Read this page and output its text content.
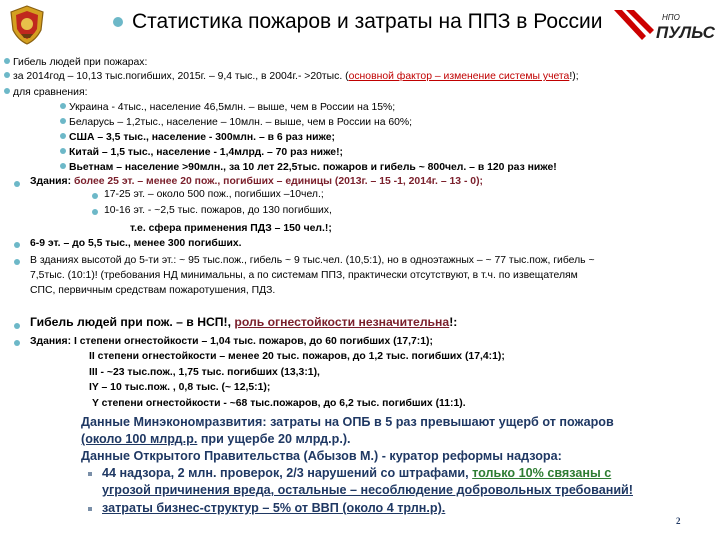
Статистика пожаров и затраты на ППЗ в России	НПО
ПУЛЬС
Гибель людей при пожарах:
за 2014год – 10,13 тыс.погибших, 2015г. – 9,4 тыс., в 2004г.- >20тыс. (основной фактор – изменение системы учета!);
для сравнения:
Украина - 4тыс., население 46,5млн. – выше, чем в России на 15%;
Беларусь – 1,2тыс., население – 10млн. – выше, чем в России на 60%;
США – 3,5 тыс., население - 300млн. – в 6 раз ниже;
Китай – 1,5 тыс., население - 1,4млрд. – 70 раз ниже!;
Вьетнам – население >90млн., за 10 лет 22,5тыс. пожаров и гибель ~ 800чел. – в 120 раз ниже!
Здания: более 25 эт. – менее 20 пож., погибших – единицы (2013г. – 15 -1, 2014г. – 13 - 0);
17-25 эт. – около 500 пож., погибших –10чел.;
10-16 эт. - ~2,5 тыс. пожаров, до 130 погибших,
т.е. сфера применения ПДЗ – 150 чел.!;
6-9 эт. – до 5,5 тыс., менее 300 погибших.
В зданиях высотой до 5-ти эт.: ~ 95 тыс.пож., гибель ~ 9 тыс.чел. (10,5:1), но в одноэтажных – ~ 77 тыс.пож, гибель ~
7,5тыс. (10:1)! (требования НД минимальны, а по системам ППЗ, практически отсутствуют, в т.ч. по извещателям
СПС, первичным средствам пожаротушения, ПДЗ.
Гибель людей при пож. – в НСП!, роль огнестойкости незначительна!:
Здания: I степени огнестойкости – 1,04 тыс. пожаров, до 60 погибших (17,7:1);
II степени огнестойкости – менее 20 тыс. пожаров, до 1,2 тыс. погибших (17,4:1);
III - ~23 тыс.пож., 1,75 тыс. погибших (13,3:1),
IY – 10 тыс.пож. , 0,8 тыс. (~ 12,5:1);
Y степени огнестойкости - ~68 тыс.пожаров, до 6,2 тыс. погибших (11:1).
Данные Минэкономразвития: затраты на ОПБ в 5 раз превышают ущерб от пожаров
(около 100 млрд.р. при ущербе 20 млрд.р.).
Данные Открытого Правительства (Абызов М.) - куратор реформы надзора:
44 надзора, 2 млн. проверок, 2/3 нарушений со штрафами, только 10% связаны с
угрозой причинения вреда, остальные – несоблюдение добровольных требований!
затраты бизнес-структур – 5% от ВВП (около 4 трлн.р).
2
